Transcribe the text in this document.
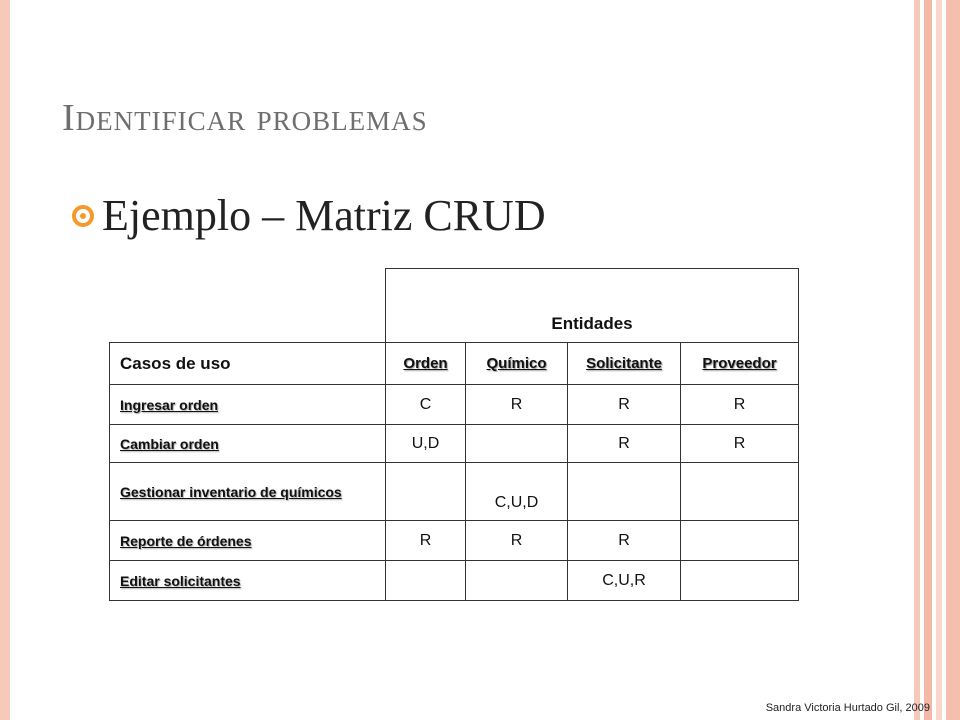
Identificar problemas
Ejemplo – Matriz CRUD
	Entidades			
Casos de uso	Orden	Químico	Solicitante	Proveedor
Ingresar orden	C	R	R	R
Cambiar orden	U,D		R	R
Gestionar inventario de químicos		C,U,D		
Reporte de órdenes	R	R	R	
Editar solicitantes			C,U,R	
Sandra Victoria Hurtado Gil, 2009
